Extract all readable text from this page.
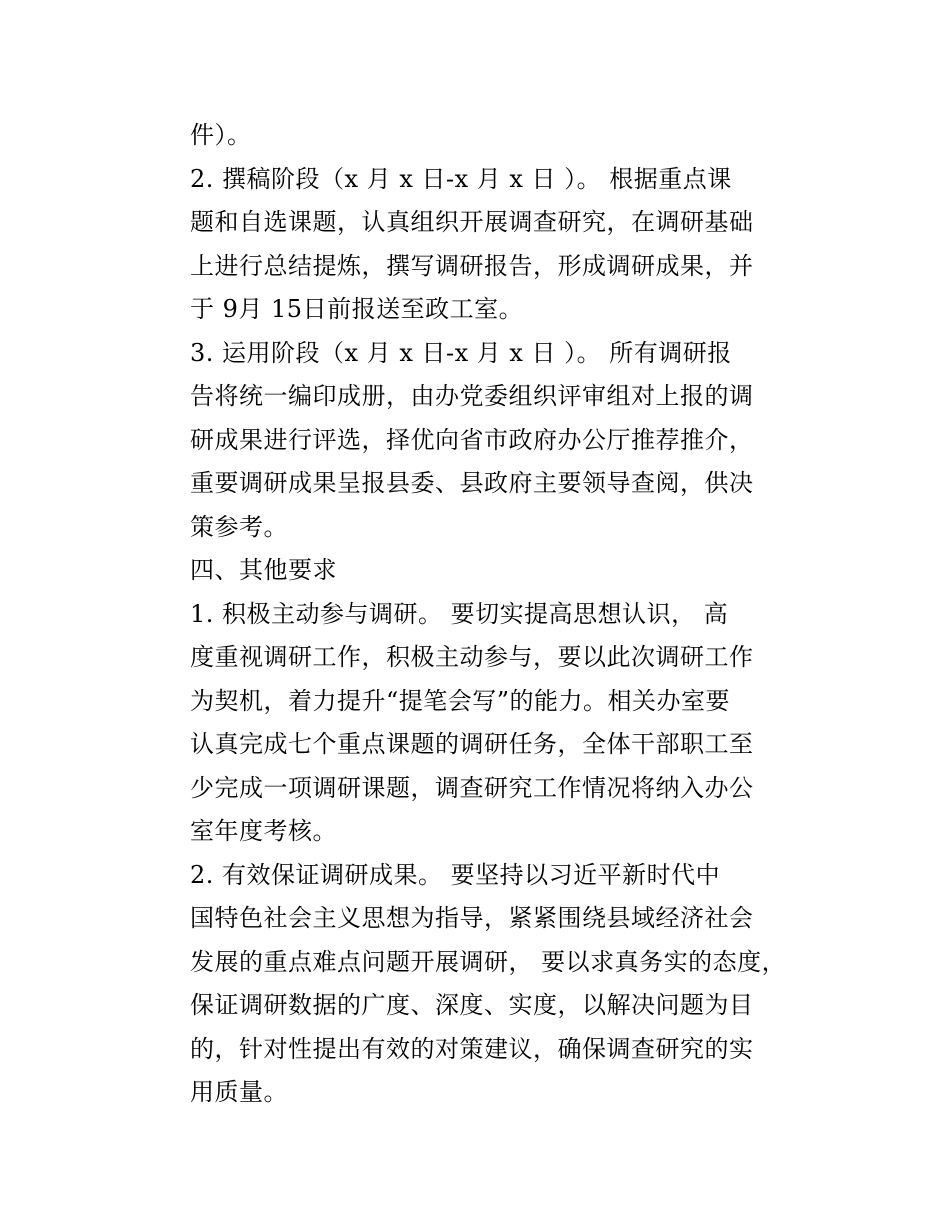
件）。
2. 撰稿阶段（x 月 x 日-x 月 x 日 ）。 根据重点课
题和自选课题，认真组织开展调查研究，在调研基础
上进行总结提炼，撰写调研报告，形成调研成果，并
于 9月 15日前报送至政工室。
3. 运用阶段（x 月 x 日-x 月 x 日 ）。 所有调研报
告将统一编印成册，由办党委组织评审组对上报的调
研成果进行评选，择优向省市政府办公厅推荐推介，
重要调研成果呈报县委、县政府主要领导查阅，供决
策参考。
四、其他要求
1. 积极主动参与调研。 要切实提高思想认识， 高
度重视调研工作，积极主动参与，要以此次调研工作
为契机，着力提升“提笔会写”的能力。相关办室要
认真完成七个重点课题的调研任务，全体干部职工至
少完成一项调研课题，调查研究工作情况将纳入办公
室年度考核。
2. 有效保证调研成果。 要坚持以习近平新时代中
国特色社会主义思想为指导，紧紧围绕县域经济社会
发展的重点难点问题开展调研， 要以求真务实的态度，
保证调研数据的广度、深度、实度，以解决问题为目
的，针对性提出有效的对策建议，确保调查研究的实
用质量。
